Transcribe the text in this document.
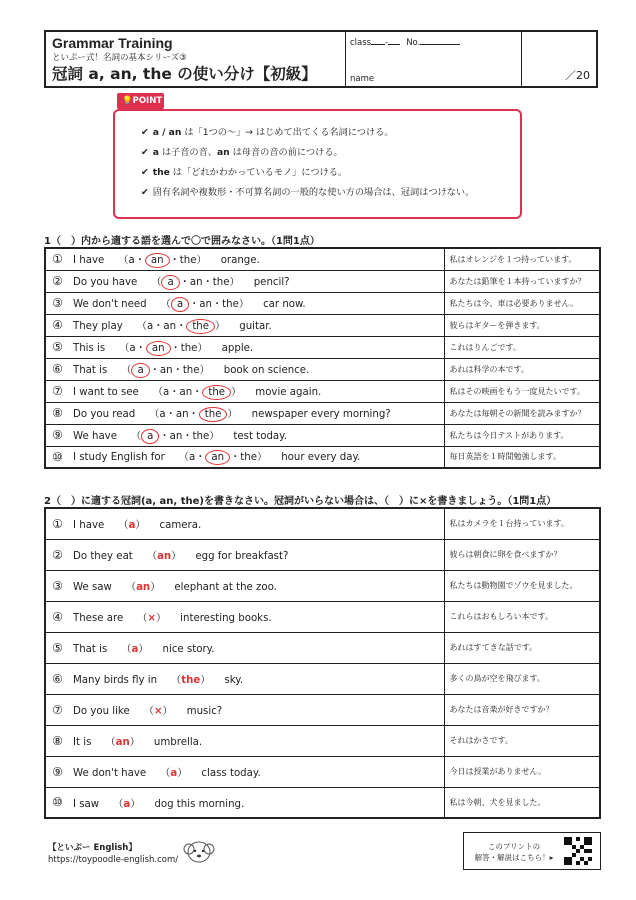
Grammar Training
といぷー式！名詞の基本シリーズ③
冠詞 a, an, the の使い分け【初級】
class - No.
name	／20
💡POINT
✔ a / an は「1つの〜」→ はじめて出てくる名詞につける。
✔ a は子音の音、an は母音の音の前につける。
✔ the は「どれかわかっているモノ」につける。
✔ 固有名詞や複数形・不可算名詞の一般的な使い方の場合は、冠詞はつけない。
1（　）内から適する語を選んで〇で囲みなさい。（1問1点）
①	I have （a・ an ・the） orange.	私はオレンジを１つ持っています。
②	Do you have （ a ・an・the） pencil?	あなたは鉛筆を１本持っていますか？
③	We don't need （ a ・an・the） car now.	私たちは今、車は必要ありません。
④	They play （a・an・ the ） guitar.	彼らはギターを弾きます。
⑤	This is （a・ an ・the） apple.	これはりんごです。
⑥	That is （ a ・an・the） book on science.	あれは科学の本です。
⑦	I want to see （a・an・ the ） movie again.	私はその映画をもう一度見たいです。
⑧	Do you read （a・an・ the ） newspaper every morning?	あなたは毎朝その新聞を読みますか？
⑨	We have （ a ・an・the） test today.	私たちは今日テストがあります。
⑩	I study English for （a・ an ・the） hour every day.	毎日英語を１時間勉強します。
2（　）に適する冠詞(a, an, the)を書きなさい。冠詞がいらない場合は、（　）に×を書きましょう。（1問1点）
①	I have （a） camera.	私はカメラを１台持っています。
②	Do they eat （an） egg for breakfast?	彼らは朝食に卵を食べますか？
③	We saw （an） elephant at the zoo.	私たちは動物園でゾウを見ました。
④	These are （×） interesting books.	これらはおもしろい本です。
⑤	That is （a） nice story.	あれはすてきな話です。
⑥	Many birds fly in （the） sky.	多くの鳥が空を飛びます。
⑦	Do you like （×） music?	あなたは音楽が好きですか？
⑧	It is （an） umbrella.	それはかさです。
⑨	We don't have （a） class today.	今日は授業がありません。
⑩	I saw （a） dog this morning.	私は今朝、犬を見ました。
【といぷー English】
https://toypoodle-english.com/
このプリントの
解答・解説はこちら！▸
